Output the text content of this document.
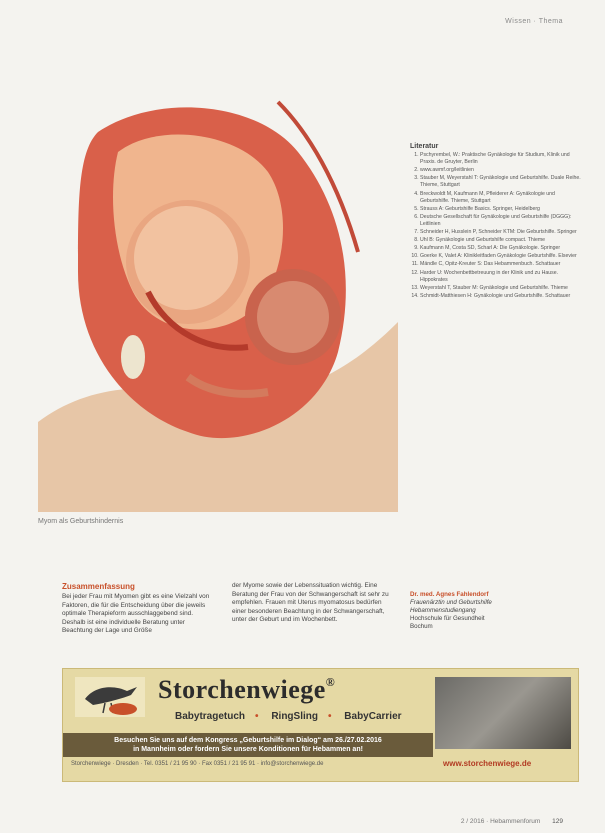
Wissen · Thema
Myom als Geburtshindernis
Literatur
1. Pschyrembel, W.: Praktische Gynäkologie für Studium, Klinik und Praxis. de Gruyter, Berlin
2. www.awmf.org/leitlinien
3. Stauber M, Weyerstahl T: Gynäkologie und Geburtshilfe. Duale Reihe. Thieme, Stuttgart
4. Breckwoldt M, Kaufmann M, Pfleiderer A: Gynäkologie und Geburtshilfe. Thieme, Stuttgart
5. Strauss A: Geburtshilfe Basics. Springer, Heidelberg
6. Deutsche Gesellschaft für Gynäkologie und Geburtshilfe (DGGG): Leitlinien
7. Schneider H, Husslein P, Schneider KTM: Die Geburtshilfe. Springer
8. Uhl B: Gynäkologie und Geburtshilfe compact. Thieme
9. Kaufmann M, Costa SD, Scharl A: Die Gynäkologie. Springer
10. Goerke K, Valet A: Klinikleitfaden Gynäkologie Geburtshilfe. Elsevier
11. Mändle C, Opitz-Kreuter S: Das Hebammenbuch. Schattauer
12. Harder U: Wochenbettbetreuung in der Klinik und zu Hause. Hippokrates
13. Weyerstahl T, Stauber M: Gynäkologie und Geburtshilfe. Thieme
14. Schmidt-Matthiesen H: Gynäkologie und Geburtshilfe. Schattauer
Zusammenfassung
Bei jeder Frau mit Myomen gibt es eine Vielzahl von Faktoren, die für die Entscheidung über die jeweils optimale Therapieform ausschlaggebend sind. Deshalb ist eine individuelle Beratung unter Beachtung der Lage und Größe
der Myome sowie der Lebenssituation wichtig. Eine Beratung der Frau von der Schwangerschaft ist sehr zu empfehlen. Frauen mit Uterus myomatosus bedürfen einer besonderen Beachtung in der Schwangerschaft, unter der Geburt und im Wochenbett.
Dr. med. Agnes Fahlendorf
Frauenärztin und Geburtshilfe
Hebammenstudiengang
Hochschule für Gesundheit
Bochum
Storchenwiege®
Babytragetuch • RingSling • BabyCarrier
Besuchen Sie uns auf dem Kongress „Geburtshilfe im Dialog“ am 26./27.02.2016
in Mannheim oder fordern Sie unsere Konditionen für Hebammen an!
Storchenwiege · Dresden · Tel. 0351 / 21 95 90 · Fax 0351 / 21 95 91 · info@storchenwiege.de	www.storchenwiege.de
2 / 2016 · Hebammenforum 129
